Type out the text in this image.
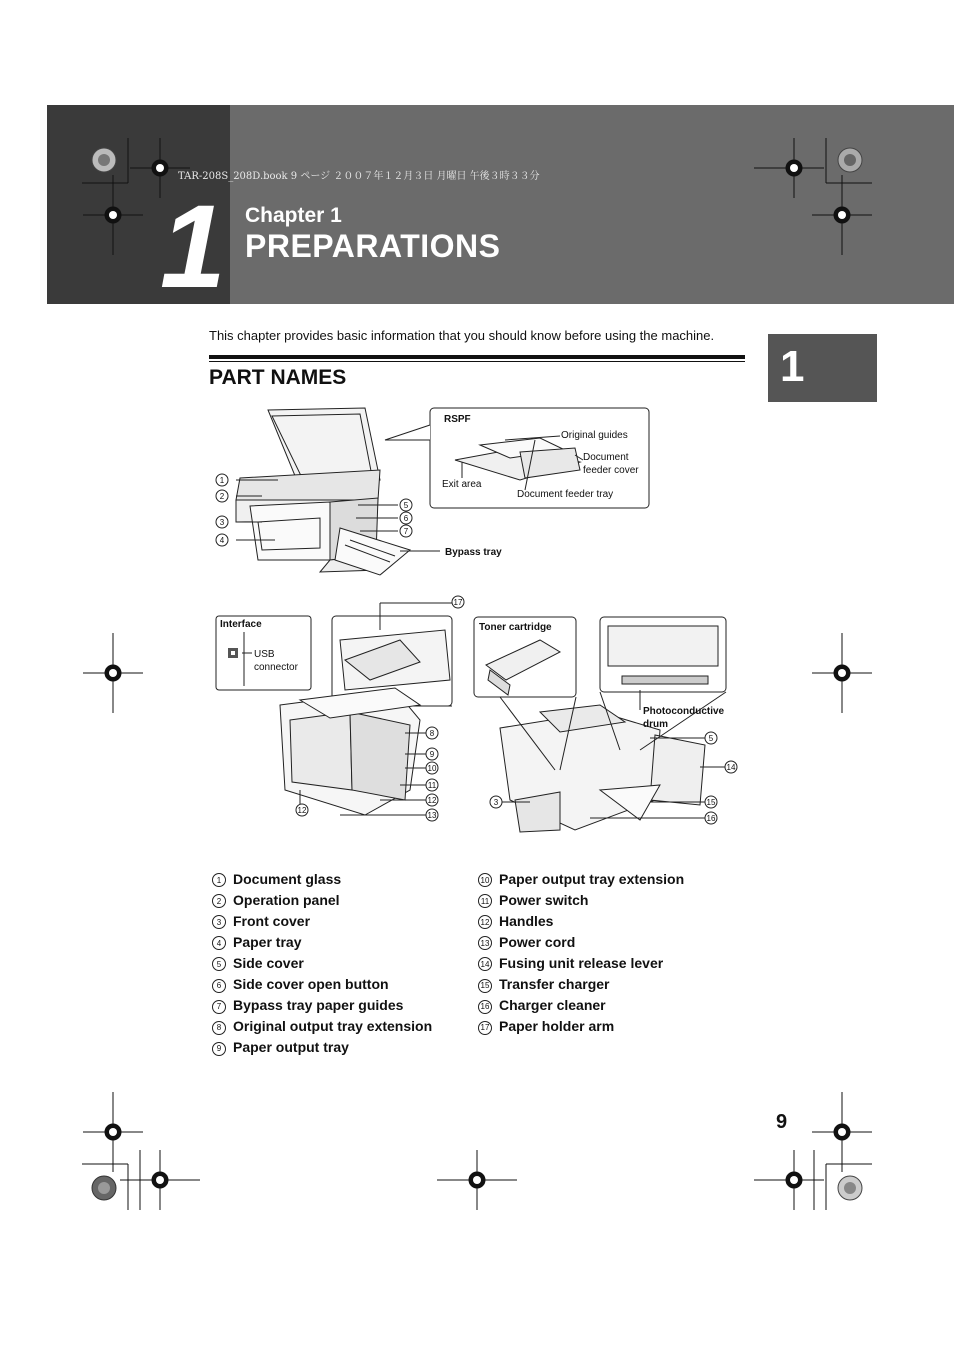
TAR-208S_208D.book 9 ページ ２００７年１２月３日 月曜日 午後３時３３分
1 Chapter 1
PREPARATIONS
1
This chapter provides basic information that you should know before using the machine.
PART NAMES
RSPF
Original guides
Document
feeder cover
Exit area
Document feeder tray
Bypass tray
Interface
USB
connector
Toner cartridge
Photoconductive
drum
1
2
3
4
5
6
7
17
8
9
10
11
12
13
12
3
5
14
15
16
1 Document glass
2 Operation panel
3 Front cover
4 Paper tray
5 Side cover
6 Side cover open button
7 Bypass tray paper guides
8 Original output tray extension
9 Paper output tray
10 Paper output tray extension
11 Power switch
12 Handles
13 Power cord
14 Fusing unit release lever
15 Transfer charger
16 Charger cleaner
17 Paper holder arm
9
